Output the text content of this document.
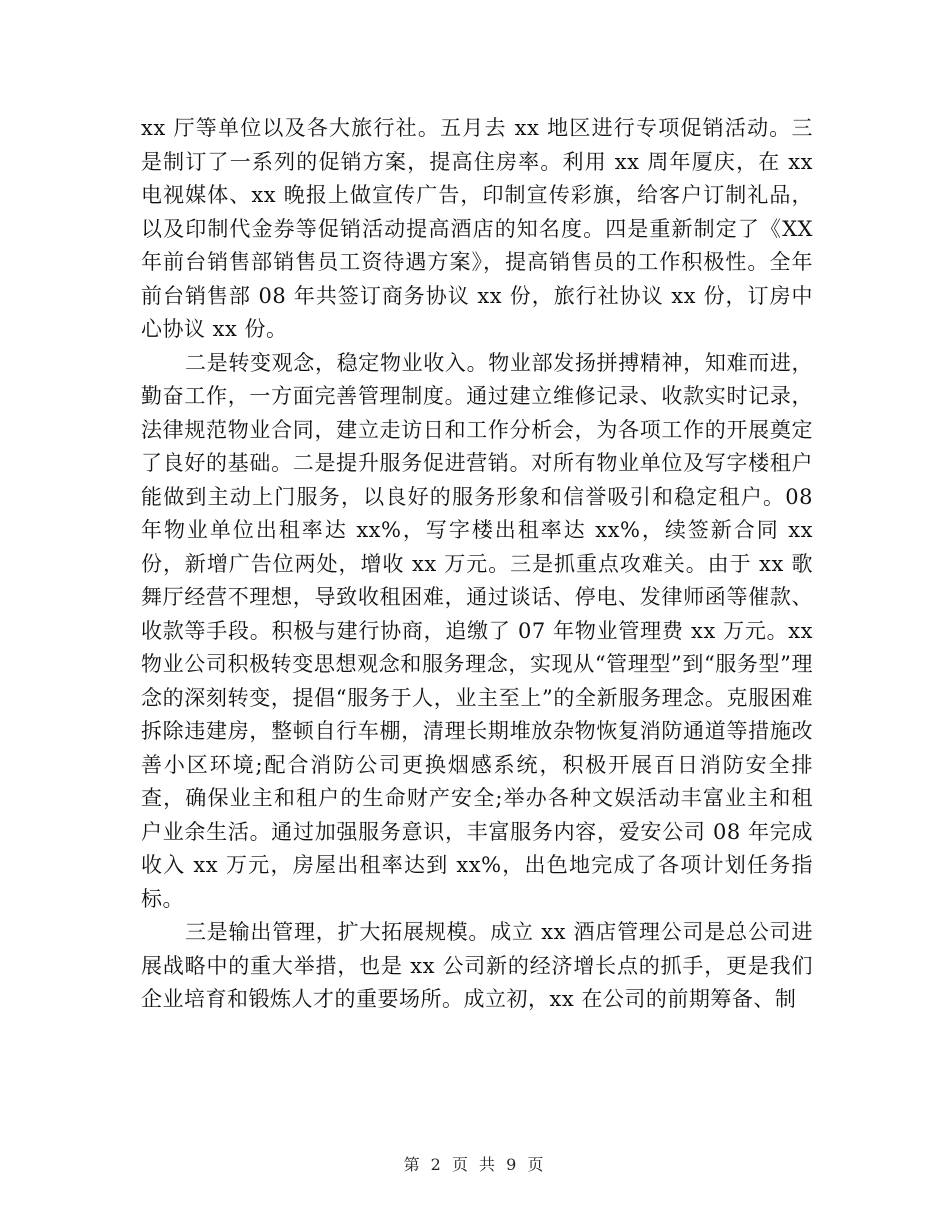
xx 厅等单位以及各大旅行社。五月去 xx 地区进行专项促销活动。三是制订了一系列的促销方案，提高住房率。利用 xx 周年厦庆，在 xx 电视媒体、xx 晚报上做宣传广告，印制宣传彩旗，给客户订制礼品，以及印制代金券等促销活动提高酒店的知名度。四是重新制定了《XX 年前台销售部销售员工资待遇方案》，提高销售员的工作积极性。全年前台销售部 08 年共签订商务协议 xx 份，旅行社协议 xx 份，订房中心协议 xx 份。

二是转变观念，稳定物业收入。物业部发扬拼搏精神，知难而进，勤奋工作，一方面完善管理制度。通过建立维修记录、收款实时记录，法律规范物业合同，建立走访日和工作分析会，为各项工作的开展奠定了良好的基础。二是提升服务促进营销。对所有物业单位及写字楼租户能做到主动上门服务，以良好的服务形象和信誉吸引和稳定租户。08 年物业单位出租率达 xx%，写字楼出租率达 xx%，续签新合同 xx 份，新增广告位两处，增收 xx 万元。三是抓重点攻难关。由于 xx 歌舞厅经营不理想，导致收租困难，通过谈话、停电、发律师函等催款、收款等手段。积极与建行协商，追缴了 07 年物业管理费 xx 万元。xx 物业公司积极转变思想观念和服务理念，实现从“管理型”到“服务型”理念的深刻转变，提倡“服务于人，业主至上”的全新服务理念。克服困难拆除违建房，整顿自行车棚，清理长期堆放杂物恢复消防通道等措施改善小区环境;配合消防公司更换烟感系统，积极开展百日消防安全排查，确保业主和租户的生命财产安全;举办各种文娱活动丰富业主和租户业余生活。通过加强服务意识，丰富服务内容，爱安公司 08 年完成收入 xx 万元，房屋出租率达到 xx%，出色地完成了各项计划任务指标。

三是输出管理，扩大拓展规模。成立 xx 酒店管理公司是总公司进展战略中的重大举措，也是 xx 公司新的经济增长点的抓手，更是我们企业培育和锻炼人才的重要场所。成立初，xx 在公司的前期筹备、制

第 2 页 共 9 页
